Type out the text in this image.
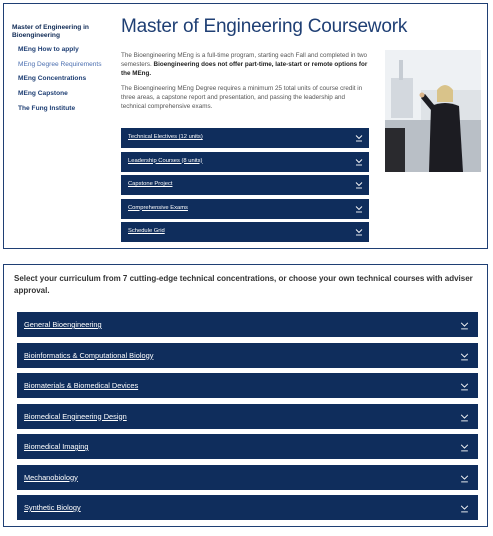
Master of Engineering in Bioengineering
MEng How to apply
MEng Degree Requirements
MEng Concentrations
MEng Capstone
The Fung Institute
Master of Engineering Coursework

The Bioengineering MEng is a full-time program, starting each Fall and completed in two semesters. Bioengineering does not offer part-time, late-start or remote options for the MEng.

The Bioengineering MEng Degree requires a minimum 25 total units of course credit in three areas, a capstone report and presentation, and passing the leadership and technical comprehensive exams.

Technical Electives (12 units)
Leadership Courses (8 units)
Capstone Project
Comprehensive Exams
Schedule Grid

Select your curriculum from 7 cutting-edge technical concentrations, or choose your own technical courses with adviser approval.

General Bioengineering
Bioinformatics & Computational Biology
Biomaterials & Biomedical Devices
Biomedical Engineering Design
Biomedical Imaging
Mechanobiology
Synthetic Biology
